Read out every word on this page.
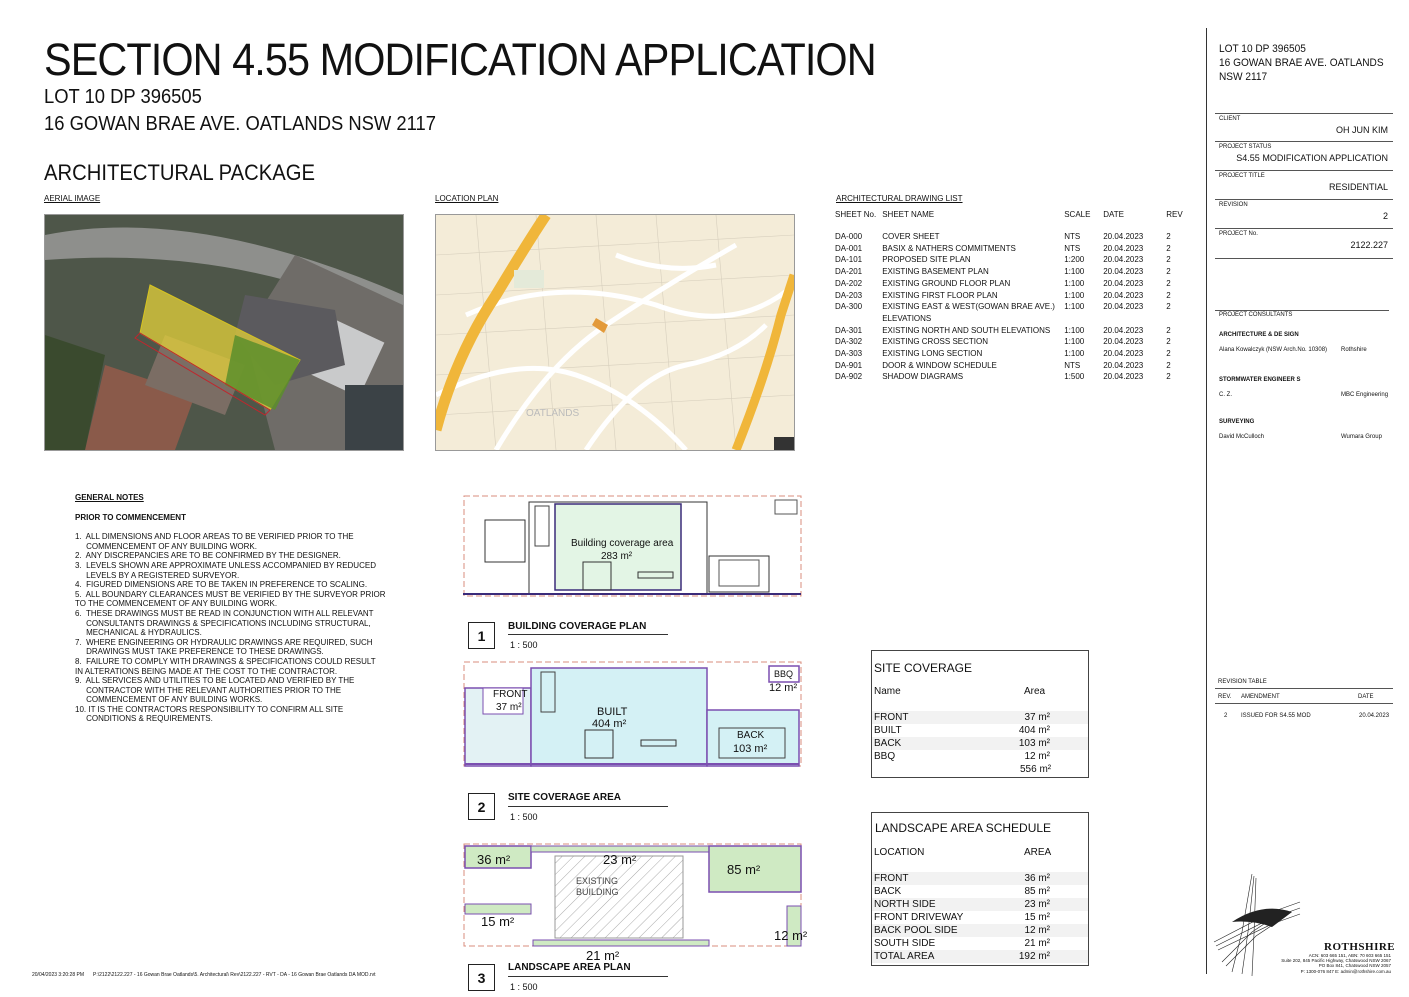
SECTION 4.55 MODIFICATION APPLICATION
LOT 10 DP 396505
16 GOWAN BRAE AVE. OATLANDS NSW 2117
ARCHITECTURAL PACKAGE
AERIAL IMAGE	LOCATION PLAN
OATLANDS
ARCHITECTURAL DRAWING LIST
SHEET No.	SHEET NAME	SCALE	DATE	REV
DA-000	COVER SHEET	NTS	20.04.2023	2
DA-001	BASIX & NATHERS COMMITMENTS	NTS	20.04.2023	2
DA-101	PROPOSED SITE PLAN	1:200	20.04.2023	2
DA-201	EXISTING BASEMENT PLAN	1:100	20.04.2023	2
DA-202	EXISTING GROUND FLOOR PLAN	1:100	20.04.2023	2
DA-203	EXISTING FIRST FLOOR PLAN	1:100	20.04.2023	2
DA-300	EXISTING EAST & WEST(GOWAN BRAE AVE.) ELEVATIONS	1:100	20.04.2023	2
DA-301	EXISTING NORTH AND SOUTH ELEVATIONS	1:100	20.04.2023	2
DA-302	EXISTING CROSS SECTION	1:100	20.04.2023	2
DA-303	EXISTING LONG SECTION	1:100	20.04.2023	2
DA-901	DOOR & WINDOW SCHEDULE	NTS	20.04.2023	2
DA-902	SHADOW DIAGRAMS	1:500	20.04.2023	2
GENERAL NOTES
PRIOR TO COMMENCEMENT
1.  ALL DIMENSIONS AND FLOOR AREAS TO BE VERIFIED PRIOR TO THE
COMMENCEMENT OF ANY BUILDING WORK.
2.  ANY DISCREPANCIES ARE TO BE CONFIRMED BY THE DESIGNER.
3.  LEVELS SHOWN ARE APPROXIMATE UNLESS ACCOMPANIED BY REDUCED
LEVELS BY A REGISTERED SURVEYOR.
4.  FIGURED DIMENSIONS ARE TO BE TAKEN IN PREFERENCE TO SCALING.
5.  ALL BOUNDARY CLEARANCES MUST BE VERIFIED BY THE SURVEYOR PRIOR
TO THE COMMENCEMENT OF ANY BUILDING WORK.
6.  THESE DRAWINGS MUST BE READ IN CONJUNCTION WITH ALL RELEVANT
CONSULTANTS DRAWINGS & SPECIFICATIONS INCLUDING STRUCTURAL,
MECHANICAL & HYDRAULICS.
7.  WHERE ENGINEERING OR HYDRAULIC DRAWINGS ARE REQUIRED, SUCH
DRAWINGS MUST TAKE PREFERENCE TO THESE DRAWINGS.
8.  FAILURE TO COMPLY WITH DRAWINGS & SPECIFICATIONS COULD RESULT
IN ALTERATIONS BEING MADE AT THE COST TO THE CONTRACTOR.
9.  ALL SERVICES AND UTILITIES TO BE LOCATED AND VERIFIED BY THE
CONTRACTOR WITH THE RELEVANT AUTHORITIES PRIOR TO THE
COMMENCEMENT OF ANY BUILDING WORKS.
10. IT IS THE CONTRACTORS RESPONSIBILITY TO CONFIRM ALL SITE
CONDITIONS & REQUIREMENTS.
Building coverage area
283 m²
1
BUILDING COVERAGE PLAN
1 : 500
FRONT
37 m²	BUILT
404 m²
BACK
103 m²
BBQ
12 m²
2
SITE COVERAGE AREA
1 : 500
36 m²	23 m²
85 m²
15 m²
21 m²
12 m²
EXISTING
BUILDING
3
LANDSCAPE AREA PLAN
1 : 500
SITE COVERAGE
Name	Area
FRONT	37 m²
BUILT	404 m²
BACK	103 m²
BBQ	12 m²
556 m²
LANDSCAPE AREA SCHEDULE
LOCATION	AREA
FRONT	36 m²
BACK	85 m²
NORTH SIDE	23 m²
FRONT DRIVEWAY	15 m²
BACK POOL SIDE	12 m²
SOUTH SIDE	21 m²
TOTAL AREA	192 m²
LOT 10 DP 396505
16 GOWAN BRAE AVE. OATLANDS
NSW 2117
CLIENT
OH JUN KIM
PROJECT STATUS
S4.55 MODIFICATION APPLICATION
PROJECT TITLE
RESIDENTIAL
REVISION
2
PROJECT No.
2122.227
PROJECT CONSULTANTS
ARCHITECTURE & DE SIGN
Alana Kowalczyk (NSW Arch.No. 10308) Rothshire
STORMWATER ENGINEER S
C. Z.	MBC Engineering
SURVEYING
David McCulloch	Wumara Group
REVISION TABLE
REV. AMENDMENT	DATE
2 ISSUED FOR S4.55 MOD	20.04.2023
ROTHSHIRE
ACN: 603 665 151, ABN: 70 603 665 151
Suite 202, 845 Pacific Highway, Chatswood NSW 2067
PO Box 841, Chatswood NSW 2057
P: 1300-076 847 E: admin@rothshire.com.au
20/04/2023 3:20:28 PM P:\2122\2122.227 - 16 Gowan Brae Oatlands\5. Architectural\ Rev\2122.227 - RVT - DA - 16 Gowan Brae Oatlands DA MOD.rvt
